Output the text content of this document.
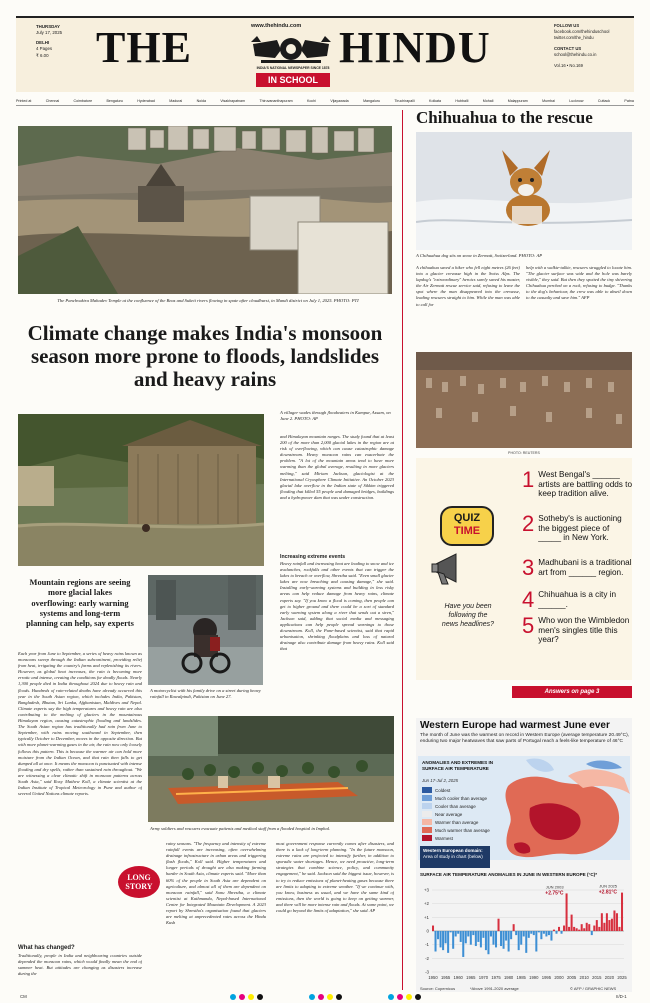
THURSDAY
July 17, 2025
DELHI
4 Pages
₹ 6.00
www.thehindu.com
THE	HINDU
INDIA'S NATIONAL NEWSPAPER SINCE 1878
IN SCHOOL
FOLLOW US
facebook.com/thehinduschool
twitter.com/the_hindu
CONTACT US
school@thehindu.co.in
Vol.16 • No.169
Printed at	Chennai	Coimbatore	Bengaluru	Hyderabad	Madurai	Noida	Visakhapatnam	Thiruvananthapuram	Kochi	Vijayawada	Mangaluru	Tiruchirapalli	Kolkata	Hubballi	Mohali	Malappuram	Mumbai	Lucknow	Cuttack	Patna
The Panchvaktra Mahadev Temple at the confluence of the Beas and Suketi rivers flowing in spate after cloudburst, in Mandi district on July 1, 2025. PHOTO: PTI
Climate change makes India's monsoon season more prone to floods, landslides and heavy rains
A villager wades through floodwaters in Kampur, Assam, on June 2. PHOTO: AP
Mountain regions are seeing more glacial lakes overflowing: early warning systems and long-term planning can help, say experts
A motorcyclist with his family drive on a street during heavy rainfall in Rawalpindi, Pakistan on June 27.
Each year from June to September, a series of heavy rains known as monsoons sweep through the Indian subcontinent, providing relief from heat, irrigating the country's farms and replenishing its rivers. However, as global heat increases, the rain is becoming more erratic and intense, creating the conditions for deadly floods. Nearly 1,300 people died in India throughout 2024 due to heavy rain and floods. Hundreds of rain-related deaths have already occurred this year in the South Asian region, which includes India, Pakistan, Bangladesh, Bhutan, Sri Lanka, Afghanistan, Maldives and Nepal. Climate experts say the high temperatures and heavy rain are also contributing to the melting of glaciers in the mountainous Himalayan region, causing catastrophic flooding and landslides. The South Asian region has traditionally had rain from June to September, with rains moving southward in September, then typically October to December, moves in the opposite direction. But with more planet-warming gases in the air, the rain now only loosely follows this pattern. This is because the warmer air can hold more moisture from the Indian Ocean, and that rain then falls to get dumped all at once. It means the monsoon is punctuated with intense flooding and dry spells, rather than sustained rain throughout. "We are witnessing a clear climatic shift in monsoon patterns across South Asia," said Roxy Mathew Koll, a climate scientist at the Indian Institute of Tropical Meteorology in Pune and author of several United Nations climate reports.
What has changed?
Traditionally, people in India and neighbouring countries outside depended the monsoon rains, which would finally mean the end of summer heat. But attitudes are changing as disasters increase during the
and Himalayan mountain ranges. The study found that at least 200 of the more than 2,000 glacial lakes in the region are at risk of overflowing, which can cause catastrophic damage downstream. Heavy monsoon rains can exacerbate the problem. "A lot of the mountain areas tend to have more warming than the global average, resulting in more glaciers melting," said Miriam Jackson, glaciologist at the International Cryosphere Climate Initiative. An October 2023 glacial lake overflow in the Indian state of Sikkim triggered flooding that killed 55 people and damaged bridges, buildings and a hydropower dam that was under construction.
Increasing extreme events
Heavy rainfall and increasing heat are leading to snow and ice avalanches, rockfalls and other events that can trigger the lakes to breach or overflow, Shrestha said. "Even small glacier lakes are now breaching and causing damage," she said. Installing early-warning systems and building in less risky areas can help reduce damage from heavy rains, climate experts say. "If you know a flood is coming, then people can get to higher ground and there could be a sort of standard early warning system along a river that sends out a siren," Jackson said, adding that social media and messaging applications can help people spread warnings to those downstream. Koll, the Pune-based scientist, said that rapid urbanisation, shrinking floodplains and loss of natural drainage also contribute damage from heavy rains. Koll said that
Army soldiers and rescuers evacuate patients and medical staff from a flooded hospital in Imphal.
LONG STORY
rainy seasons. "The frequency and intensity of extreme rainfall events are increasing, often overwhelming drainage infrastructure in urban areas and triggering flash floods," Koll said. Higher temperatures and longer periods of drought are also making farming harder in South Asia, climate experts said. "More than 60% of the people in South Asia are dependent on agriculture, and almost all of them are dependent on monsoon rainfall," said Sonu Shrestha, a climate scientist at Kathmandu, Nepal-based International Centre for Integrated Mountain Development. A 2023 report by Shrestha's organisation found that glaciers are melting at unprecedented rates across the Hindu Kush
most government response currently comes after disasters, and there is a lack of long-term planning. "In the future monsoon, extreme rains are projected to intensify further, in addition to sporadic water shortages. Hence, we need proactive, long-term strategies that combine science, policy, and community engagement," he said. Jackson said the biggest issue, however, is to try to reduce emissions of planet-heating gases because there are limits to adapting to extreme weather. "If we continue with, you know, business as usual, and we have the same kind of emissions, then the world is going to keep on getting warmer, and there will be more intense rain and floods. At some point, we could go beyond the limits of adaptation," she said. AP
Chihuahua to the rescue
A Chihuahua dog sits on snow in Zermatt, Switzerland. PHOTO: AP
A chihuahua saved a hiker who fell eight metres (26 feet) into a glacier crevasse high in the Swiss Alps. The lapdog's "extraordinary" heroics surely saved his master, the Air Zermatt rescue service said, refusing to leave the spot where the man disappeared into the crevasse, leading rescuers straight to him. While the man was able to call for
help with a walkie-talkie, rescuers struggled to locate him. "The glacier surface was wide and the hole was barely visible," they said. But then they spotted the tiny shivering Chihuahua perched on a rock, refusing to budge. "Thanks to the dog's behaviour, the crew was able to abseil down to the casualty and save him." AFP
PHOTO: REUTERS
QUIZ
TIME
Have you been following the news headlines?
1 West Bengal's ______ artists are battling odds to keep tradition alive.
2 Sotheby's is auctioning the biggest piece of _____ in New York.
3 Madhubani is a traditional art from ______ region.
4 Chihuahua is a city in ______.
5 Who won the Wimbledon men's singles title this year?
Answers on page 3
Western Europe had warmest June ever
The month of June was the warmest on record in Western Europe (average temperature 20.49°C), enduring two major heatwaves that saw parts of Portugal reach a feels-like temperature of 46°C
ANOMALIES AND EXTREMES IN SURFACE AIR TEMPERATURE
Jun 17-Jul 2, 2025
Coldest
Much cooler than average
Cooler than average
Near average
Warmer than average
Much warmer than average
Warmest
Western European domain: Area of study in chart (below)
SURFACE AIR TEMPERATURE ANOMALIES IN JUNE IN WESTERN EUROPE (°C)*
-3
-2
-1
0
+1
+2
+3
1950 1955 1960 1965 1970 1975 1980 1985 1990 1995 2000 2005 2010 2015 2020 2025
JUN 2003
+2.75°C
JUN 2025
+2.81°C
Source: Copernicus	*Above 1991-2020 average	© AFP / GRAPHIC NEWS
CM	II/D-1
